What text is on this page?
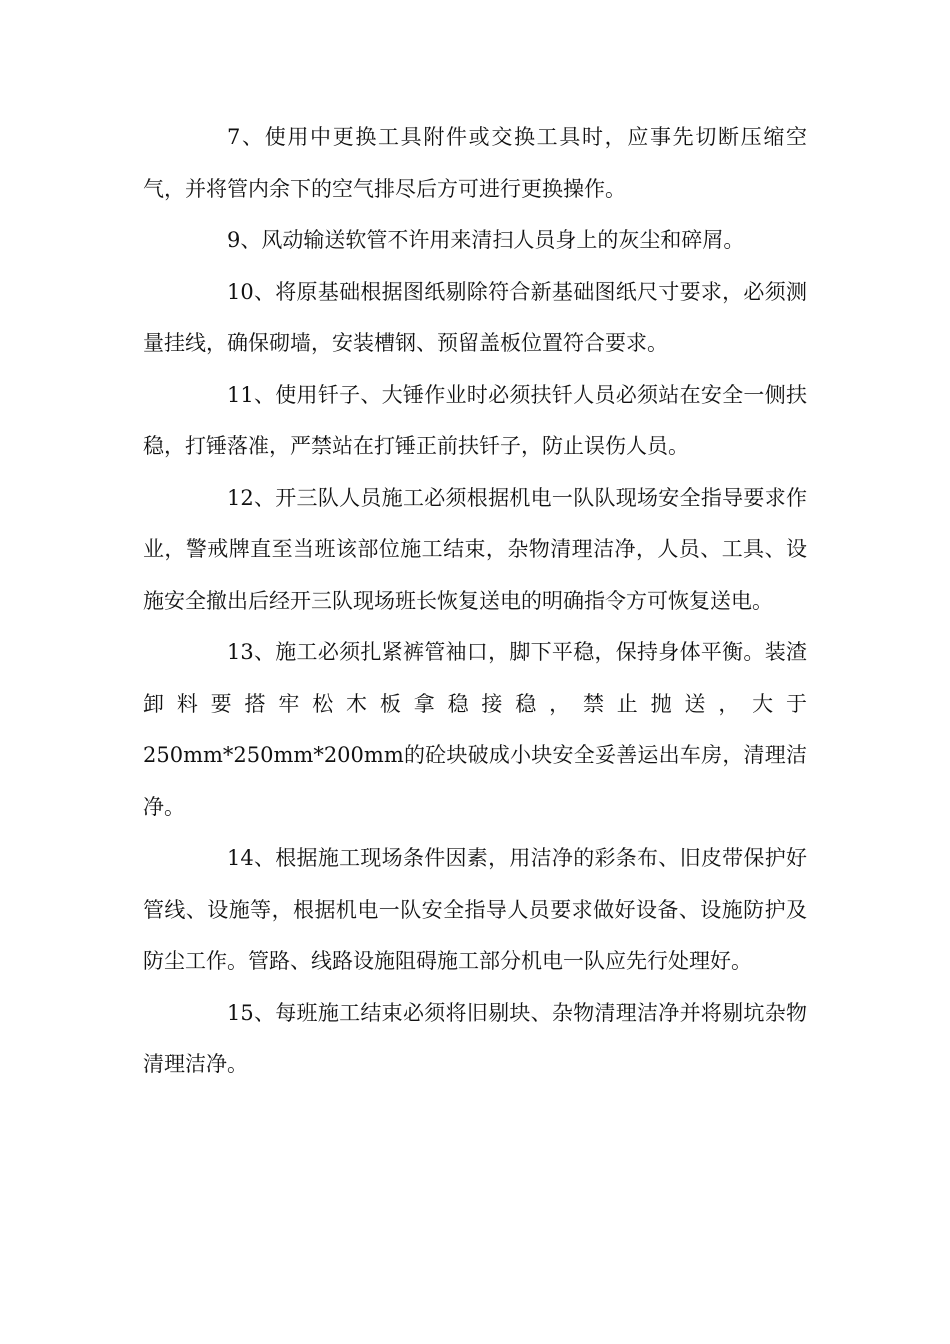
7、使用中更换工具附件或交换工具时，应事先切断压缩空气，并将管内余下的空气排尽后方可进行更换操作。

9、风动输送软管不许用来清扫人员身上的灰尘和碎屑。

10、将原基础根据图纸剔除符合新基础图纸尺寸要求，必须测量挂线，确保砌墙，安装槽钢、预留盖板位置符合要求。

11、使用钎子、大锤作业时必须扶钎人员必须站在安全一侧扶稳，打锤落准，严禁站在打锤正前扶钎子，防止误伤人员。

12、开三队人员施工必须根据机电一队队现场安全指导要求作业，警戒牌直至当班该部位施工结束，杂物清理洁净，人员、工具、设施安全撤出后经开三队现场班长恢复送电的明确指令方可恢复送电。

13、施工必须扎紧裤管袖口，脚下平稳，保持身体平衡。装渣卸料要搭牢松木板拿稳接稳，禁止抛送，大于250mm*250mm*200mm的砼块破成小块安全妥善运出车房，清理洁净。

14、根据施工现场条件因素，用洁净的彩条布、旧皮带保护好管线、设施等，根据机电一队安全指导人员要求做好设备、设施防护及防尘工作。管路、线路设施阻碍施工部分机电一队应先行处理好。

15、每班施工结束必须将旧剔块、杂物清理洁净并将剔坑杂物清理洁净。
